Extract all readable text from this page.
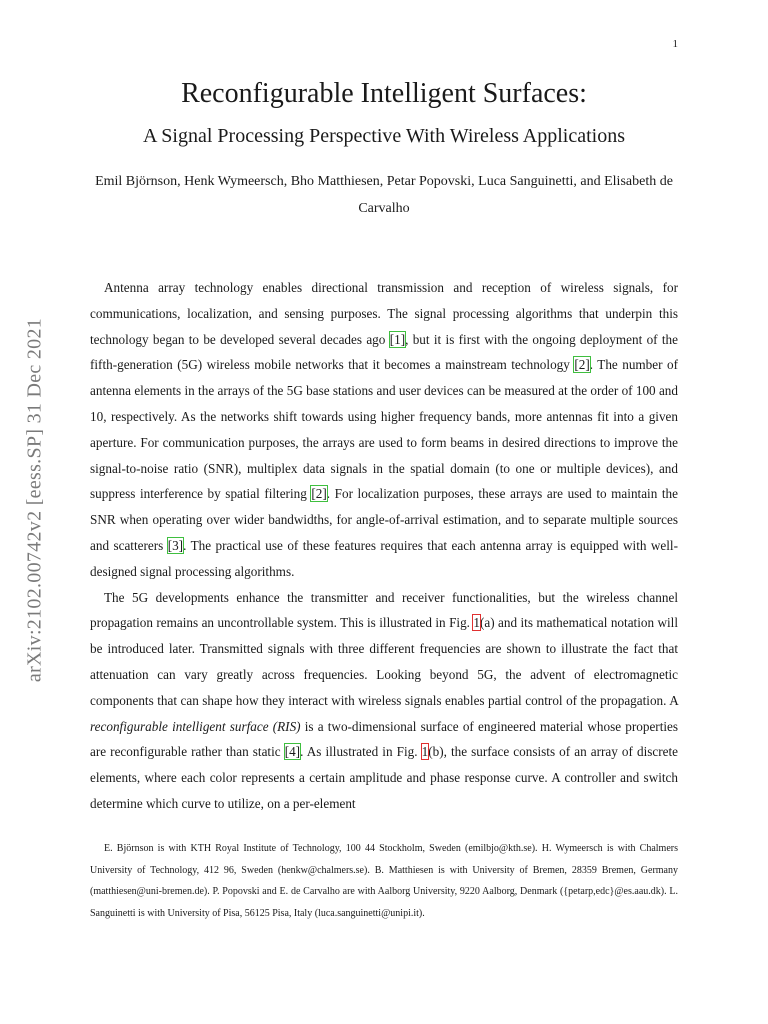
1
arXiv:2102.00742v2 [eess.SP] 31 Dec 2021
Reconfigurable Intelligent Surfaces:
A Signal Processing Perspective With Wireless Applications
Emil Björnson, Henk Wymeersch, Bho Matthiesen, Petar Popovski, Luca Sanguinetti, and Elisabeth de Carvalho

Antenna array technology enables directional transmission and reception of wireless signals, for communications, localization, and sensing purposes. The signal processing algorithms that underpin this technology began to be developed several decades ago [1], but it is first with the ongoing deployment of the fifth-generation (5G) wireless mobile networks that it becomes a mainstream technology [2]. The number of antenna elements in the arrays of the 5G base stations and user devices can be measured at the order of 100 and 10, respectively. As the networks shift towards using higher frequency bands, more antennas fit into a given aperture. For communication purposes, the arrays are used to form beams in desired directions to improve the signal-to-noise ratio (SNR), multiplex data signals in the spatial domain (to one or multiple devices), and suppress interference by spatial filtering [2]. For localization purposes, these arrays are used to maintain the SNR when operating over wider bandwidths, for angle-of-arrival estimation, and to separate multiple sources and scatterers [3]. The practical use of these features requires that each antenna array is equipped with well-designed signal processing algorithms.

The 5G developments enhance the transmitter and receiver functionalities, but the wireless channel propagation remains an uncontrollable system. This is illustrated in Fig. 1(a) and its mathematical notation will be introduced later. Transmitted signals with three different frequencies are shown to illustrate the fact that attenuation can vary greatly across frequencies. Looking beyond 5G, the advent of electromagnetic components that can shape how they interact with wireless signals enables partial control of the propagation. A reconfigurable intelligent surface (RIS) is a two-dimensional surface of engineered material whose properties are reconfigurable rather than static [4]. As illustrated in Fig. 1(b), the surface consists of an array of discrete elements, where each color represents a certain amplitude and phase response curve. A controller and switch determine which curve to utilize, on a per-element

E. Björnson is with KTH Royal Institute of Technology, 100 44 Stockholm, Sweden (emilbjo@kth.se). H. Wymeersch is with Chalmers University of Technology, 412 96, Sweden (henkw@chalmers.se). B. Matthiesen is with University of Bremen, 28359 Bremen, Germany (matthiesen@uni-bremen.de). P. Popovski and E. de Carvalho are with Aalborg University, 9220 Aalborg, Denmark ({petarp,edc}@es.aau.dk). L. Sanguinetti is with University of Pisa, 56125 Pisa, Italy (luca.sanguinetti@unipi.it).
